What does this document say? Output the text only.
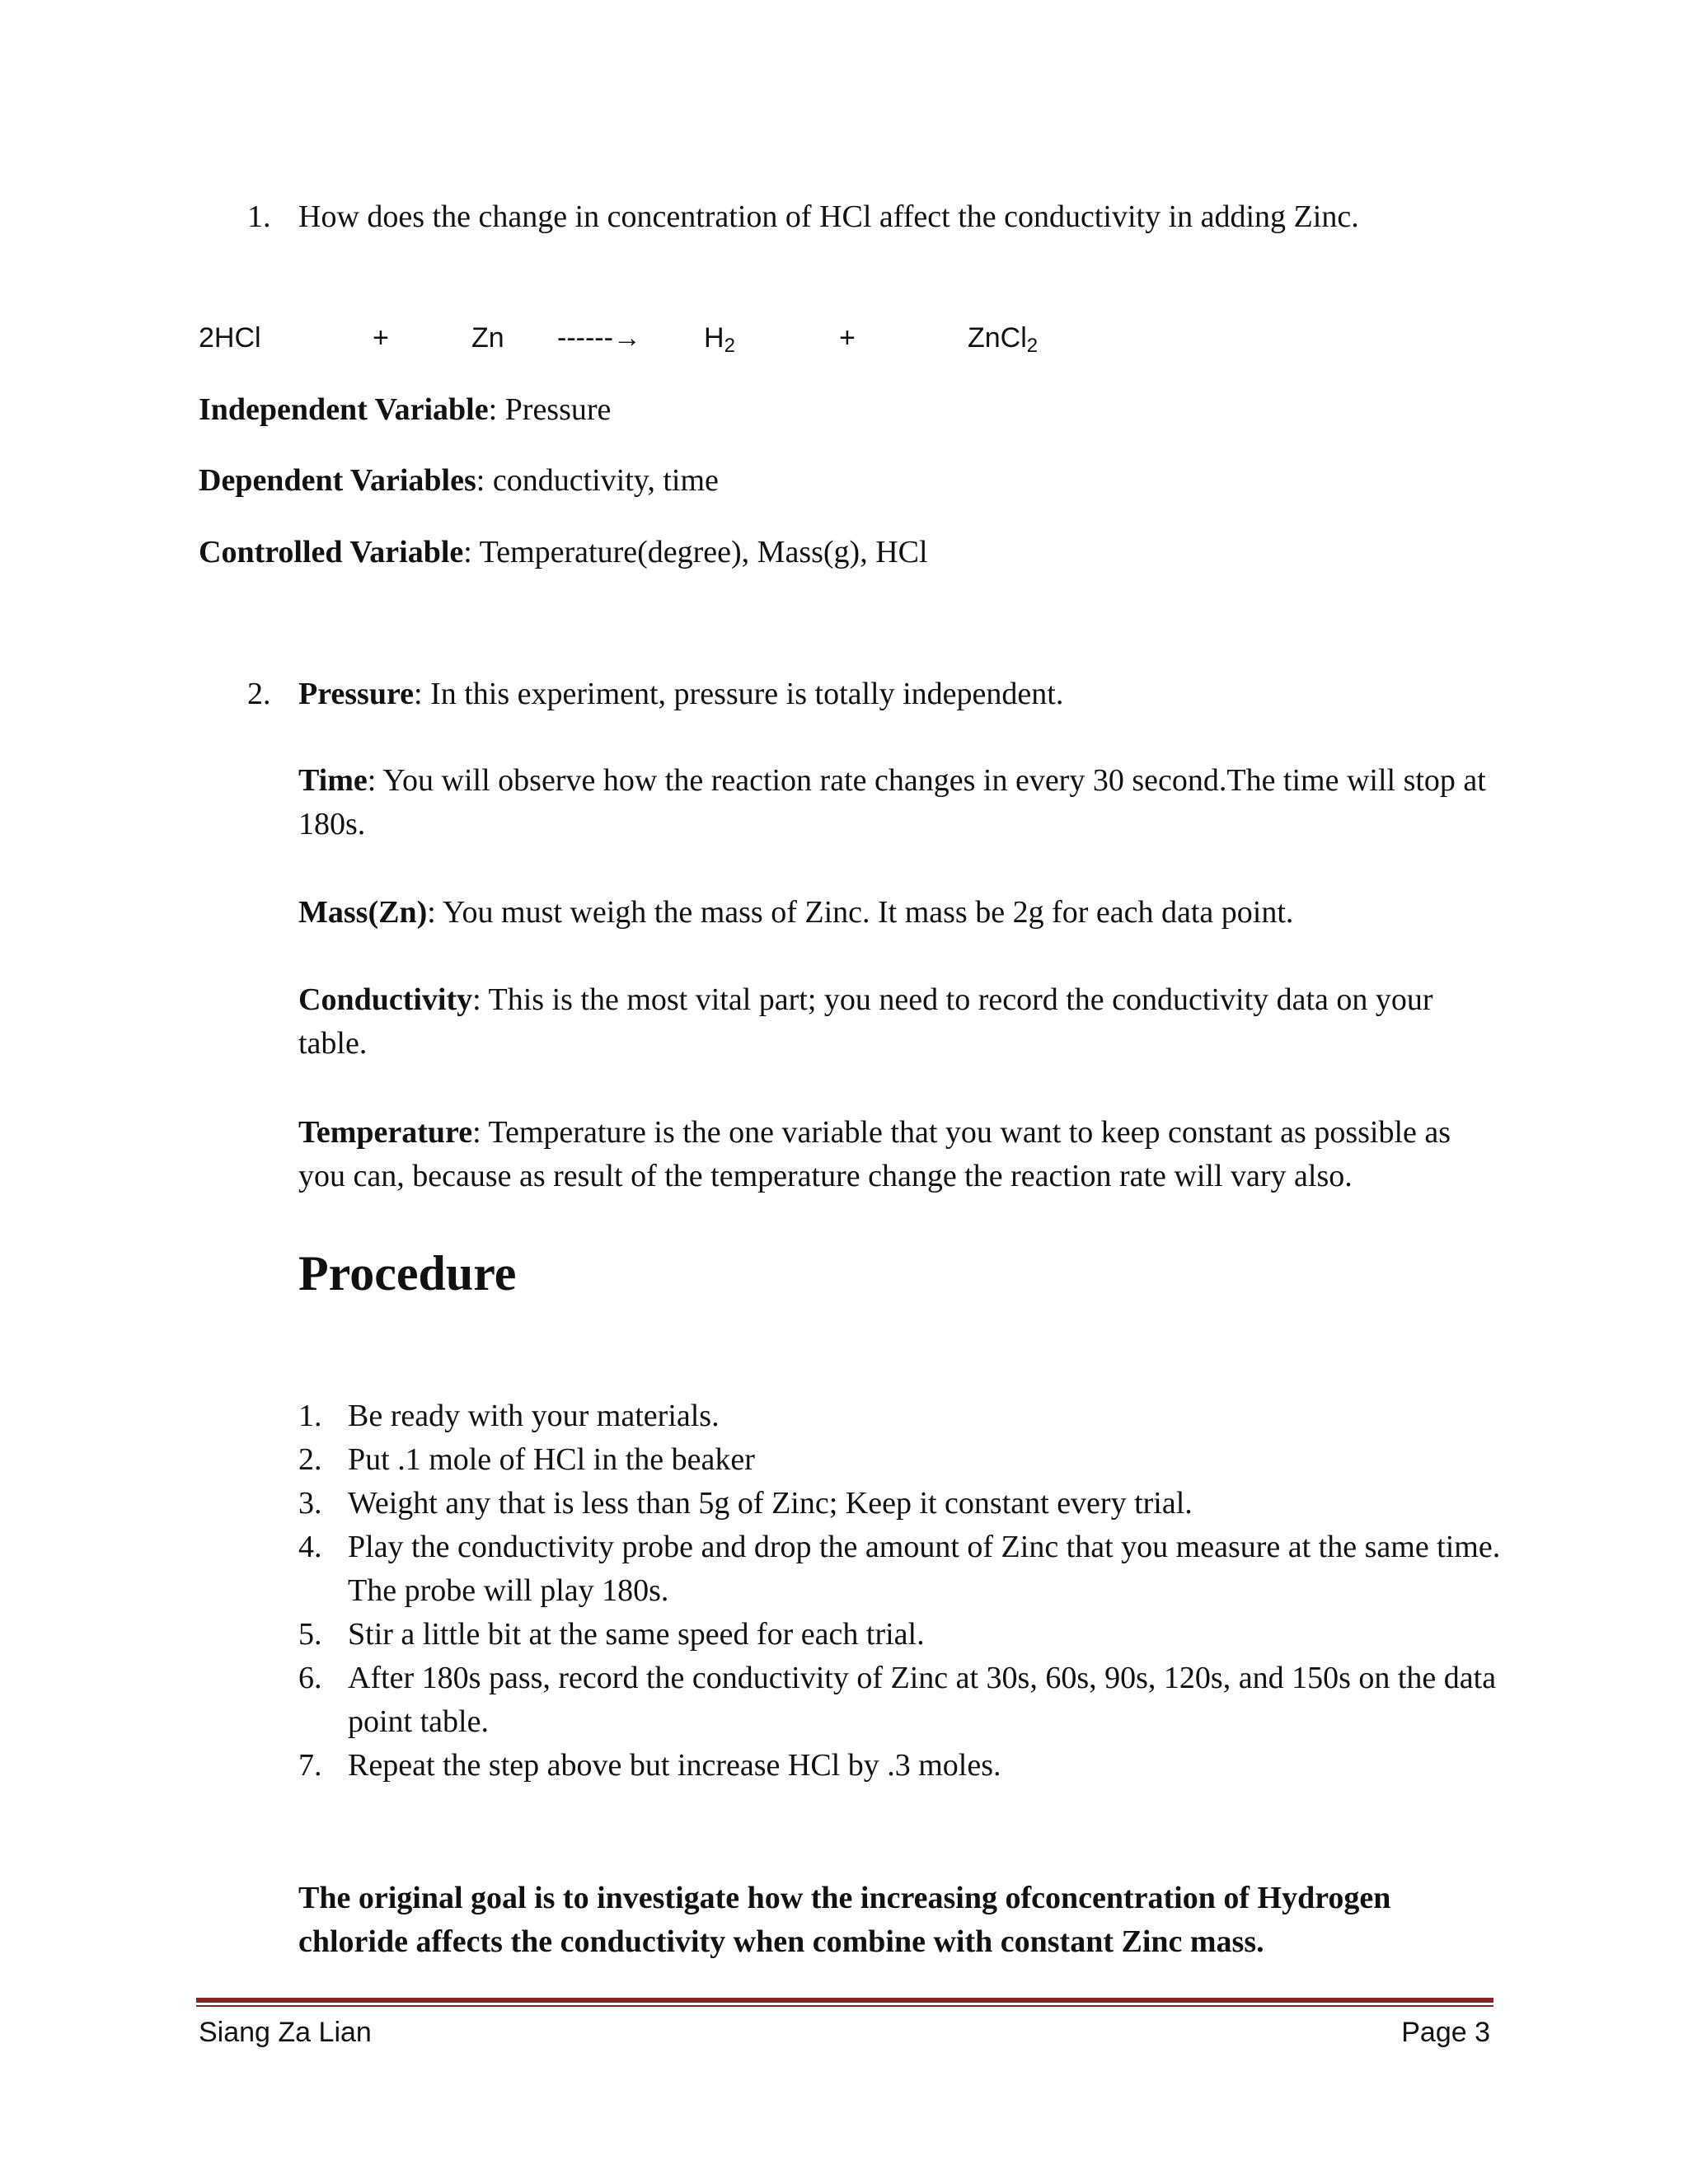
1. How does the change in concentration of HCl affect the conductivity in adding Zinc.
2HCl	+	Zn ------→ $H_2$	+	ZnCl$_2$
Independent Variable: Pressure
Dependent Variables: conductivity, time
Controlled Variable: Temperature(degree), Mass(g), HCl
2. Pressure: In this experiment, pressure is totally independent.
Time: You will observe how the reaction rate changes in every 30 second.The time will stop at 180s.
Mass(Zn): You must weigh the mass of Zinc. It mass be 2g for each data point.
Conductivity: This is the most vital part; you need to record the conductivity data on your table.
Temperature: Temperature is the one variable that you want to keep constant as possible as you can, because as result of the temperature change the reaction rate will vary also.
Procedure
1. Be ready with your materials.
2. Put .1 mole of HCl in the beaker
3. Weight any that is less than 5g of Zinc; Keep it constant every trial.
4. Play the conductivity probe and drop the amount of Zinc that you measure at the same time. The probe will play 180s.
5. Stir a little bit at the same speed for each trial.
6. After 180s pass, record the conductivity of Zinc at 30s, 60s, 90s, 120s, and 150s on the data point table.
7. Repeat the step above but increase HCl by .3 moles.
The original goal is to investigate how the increasing ofconcentration of Hydrogen chloride affects the conductivity when combine with constant Zinc mass.
Siang Za Lian	Page 3
